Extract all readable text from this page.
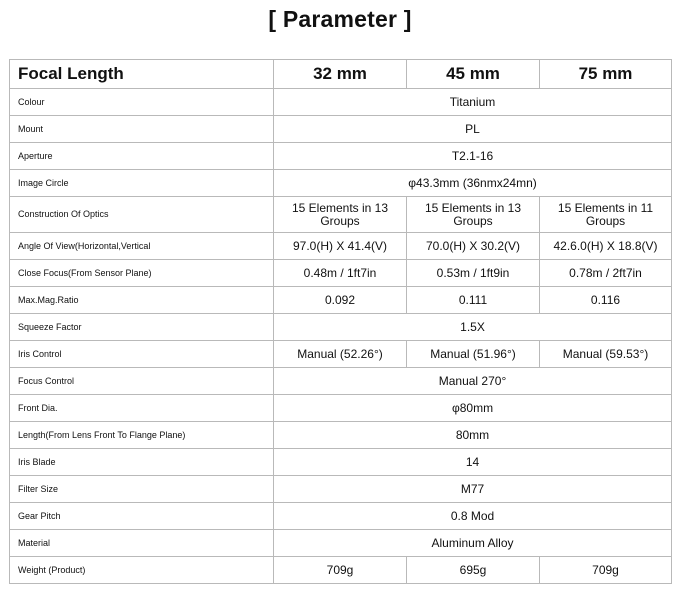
[ Parameter ]
Focal Length	32 mm	45 mm	75 mm
Colour	Titanium		
Mount	PL		
Aperture	T2.1-16		
Image Circle	φ43.3mm (36nmx24mn)		
Construction Of Optics	15 Elements in 13 Groups	15 Elements in 13 Groups	15 Elements in 11 Groups
Angle Of View(Horizontal,Vertical	97.0(H) X 41.4(V)	70.0(H) X 30.2(V)	42.6.0(H) X 18.8(V)
Close Focus(From Sensor Plane)	0.48m / 1ft7in	0.53m / 1ft9in	0.78m / 2ft7in
Max.Mag.Ratio	0.092	0.111	0.116
Squeeze Factor	1.5X		
Iris Control	Manual (52.26°)	Manual (51.96°)	Manual (59.53°)
Focus Control	Manual 270°		
Front Dia.	φ80mm		
Length(From Lens Front To Flange Plane)	80mm		
Iris Blade	14		
Filter Size	M77		
Gear Pitch	0.8 Mod		
Material	Aluminum Alloy		
Weight (Product)	709g	695g	709g
